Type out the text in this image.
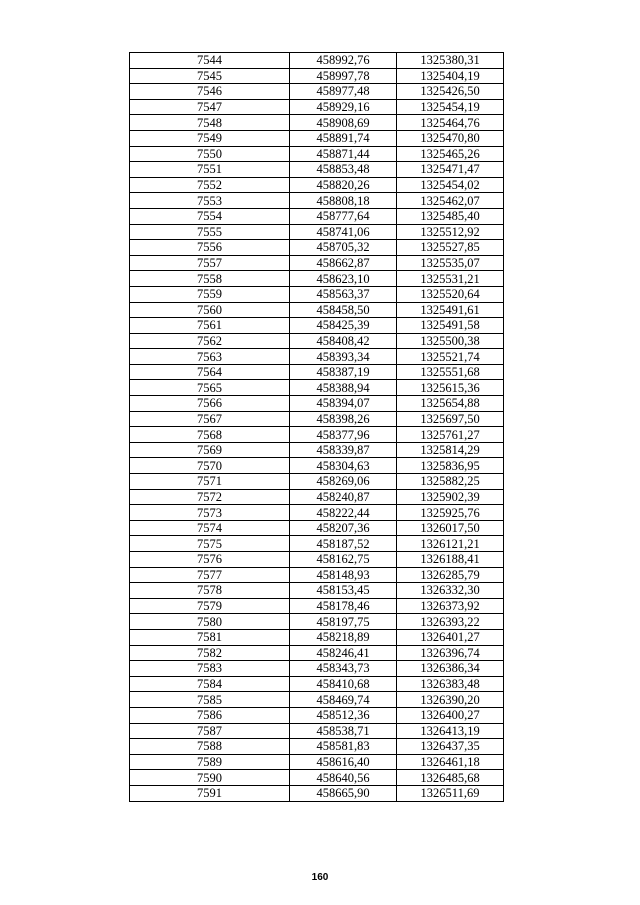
7544	458992,76	1325380,31
7545	458997,78	1325404,19
7546	458977,48	1325426,50
7547	458929,16	1325454,19
7548	458908,69	1325464,76
7549	458891,74	1325470,80
7550	458871,44	1325465,26
7551	458853,48	1325471,47
7552	458820,26	1325454,02
7553	458808,18	1325462,07
7554	458777,64	1325485,40
7555	458741,06	1325512,92
7556	458705,32	1325527,85
7557	458662,87	1325535,07
7558	458623,10	1325531,21
7559	458563,37	1325520,64
7560	458458,50	1325491,61
7561	458425,39	1325491,58
7562	458408,42	1325500,38
7563	458393,34	1325521,74
7564	458387,19	1325551,68
7565	458388,94	1325615,36
7566	458394,07	1325654,88
7567	458398,26	1325697,50
7568	458377,96	1325761,27
7569	458339,87	1325814,29
7570	458304,63	1325836,95
7571	458269,06	1325882,25
7572	458240,87	1325902,39
7573	458222,44	1325925,76
7574	458207,36	1326017,50
7575	458187,52	1326121,21
7576	458162,75	1326188,41
7577	458148,93	1326285,79
7578	458153,45	1326332,30
7579	458178,46	1326373,92
7580	458197,75	1326393,22
7581	458218,89	1326401,27
7582	458246,41	1326396,74
7583	458343,73	1326386,34
7584	458410,68	1326383,48
7585	458469,74	1326390,20
7586	458512,36	1326400,27
7587	458538,71	1326413,19
7588	458581,83	1326437,35
7589	458616,40	1326461,18
7590	458640,56	1326485,68
7591	458665,90	1326511,69
160
